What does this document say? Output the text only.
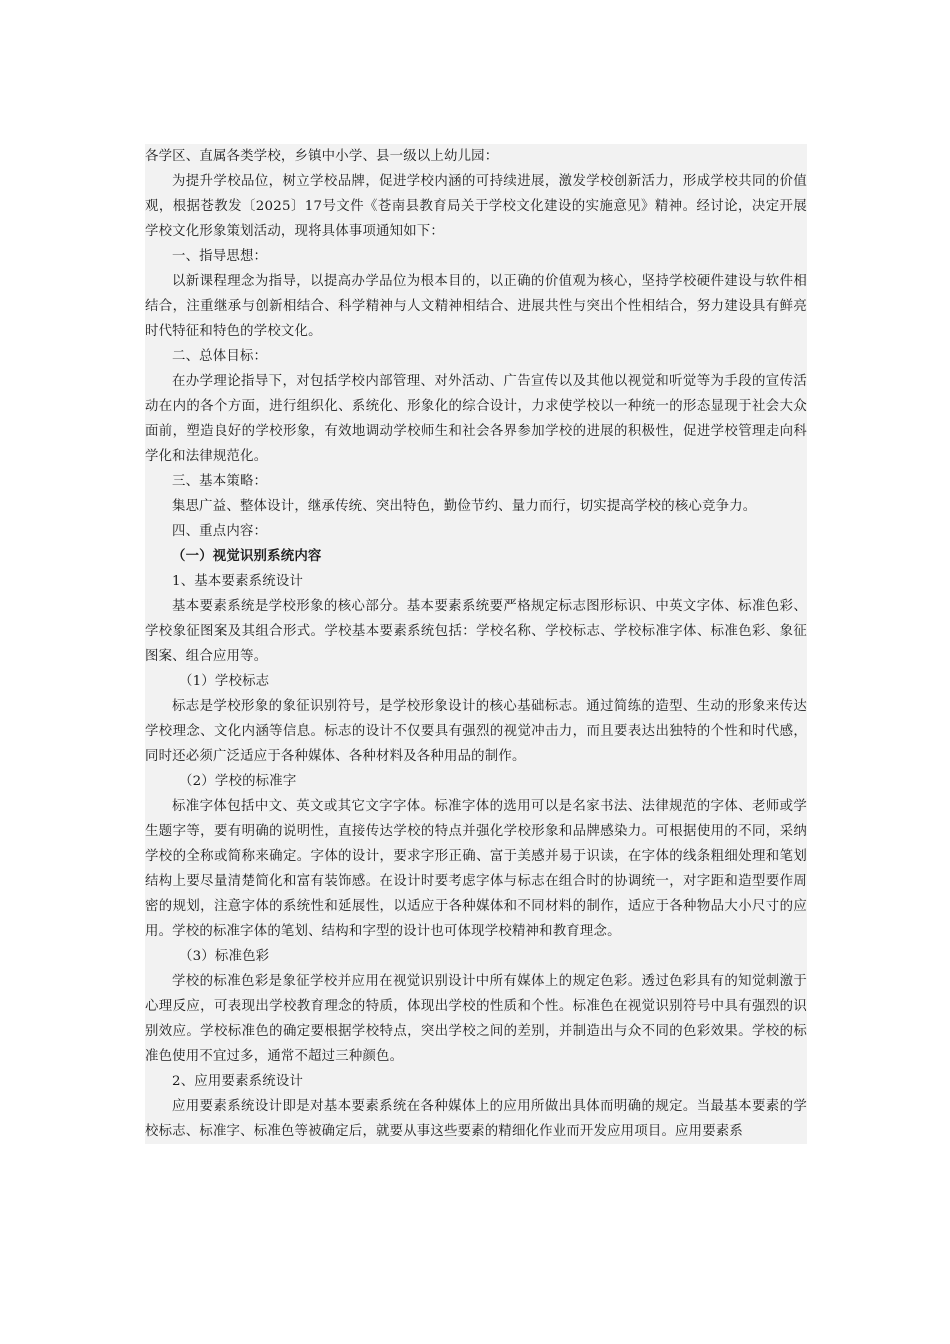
各学区、直属各类学校，乡镇中小学、县一级以上幼儿园：

为提升学校品位，树立学校品牌，促进学校内涵的可持续进展，激发学校创新活力，形成学校共同的价值观，根据苍教发〔2025〕17号文件《苍南县教育局关于学校文化建设的实施意见》精神。经讨论，决定开展学校文化形象策划活动，现将具体事项通知如下：

一、指导思想：

以新课程理念为指导，以提高办学品位为根本目的，以正确的价值观为核心，坚持学校硬件建设与软件相结合，注重继承与创新相结合、科学精神与人文精神相结合、进展共性与突出个性相结合，努力建设具有鲜亮时代特征和特色的学校文化。

二、总体目标：

在办学理论指导下，对包括学校内部管理、对外活动、广告宣传以及其他以视觉和听觉等为手段的宣传活动在内的各个方面，进行组织化、系统化、形象化的综合设计，力求使学校以一种统一的形态显现于社会大众面前，塑造良好的学校形象，有效地调动学校师生和社会各界参加学校的进展的积极性，促进学校管理走向科学化和法律规范化。

三、基本策略：

集思广益、整体设计，继承传统、突出特色，勤俭节约、量力而行，切实提高学校的核心竞争力。

四、重点内容：

（一）视觉识别系统内容

1、基本要素系统设计

基本要素系统是学校形象的核心部分。基本要素系统要严格规定标志图形标识、中英文字体、标准色彩、学校象征图案及其组合形式。学校基本要素系统包括：学校名称、学校标志、学校标准字体、标准色彩、象征图案、组合应用等。

（1）学校标志

标志是学校形象的象征识别符号，是学校形象设计的核心基础标志。通过简练的造型、生动的形象来传达学校理念、文化内涵等信息。标志的设计不仅要具有强烈的视觉冲击力，而且要表达出独特的个性和时代感，同时还必须广泛适应于各种媒体、各种材料及各种用品的制作。

（2）学校的标准字

标准字体包括中文、英文或其它文字字体。标准字体的选用可以是名家书法、法律规范的字体、老师或学生题字等，要有明确的说明性，直接传达学校的特点并强化学校形象和品牌感染力。可根据使用的不同，采纳学校的全称或简称来确定。字体的设计，要求字形正确、富于美感并易于识读，在字体的线条粗细处理和笔划结构上要尽量清楚简化和富有装饰感。在设计时要考虑字体与标志在组合时的协调统一，对字距和造型要作周密的规划，注意字体的系统性和延展性，以适应于各种媒体和不同材料的制作，适应于各种物品大小尺寸的应用。学校的标准字体的笔划、结构和字型的设计也可体现学校精神和教育理念。

（3）标准色彩

学校的标准色彩是象征学校并应用在视觉识别设计中所有媒体上的规定色彩。透过色彩具有的知觉刺激于心理反应，可表现出学校教育理念的特质，体现出学校的性质和个性。标准色在视觉识别符号中具有强烈的识别效应。学校标准色的确定要根据学校特点，突出学校之间的差别，并制造出与众不同的色彩效果。学校的标准色使用不宜过多，通常不超过三种颜色。

2、应用要素系统设计

应用要素系统设计即是对基本要素系统在各种媒体上的应用所做出具体而明确的规定。当最基本要素的学校标志、标准字、标准色等被确定后，就要从事这些要素的精细化作业而开发应用项目。应用要素系
